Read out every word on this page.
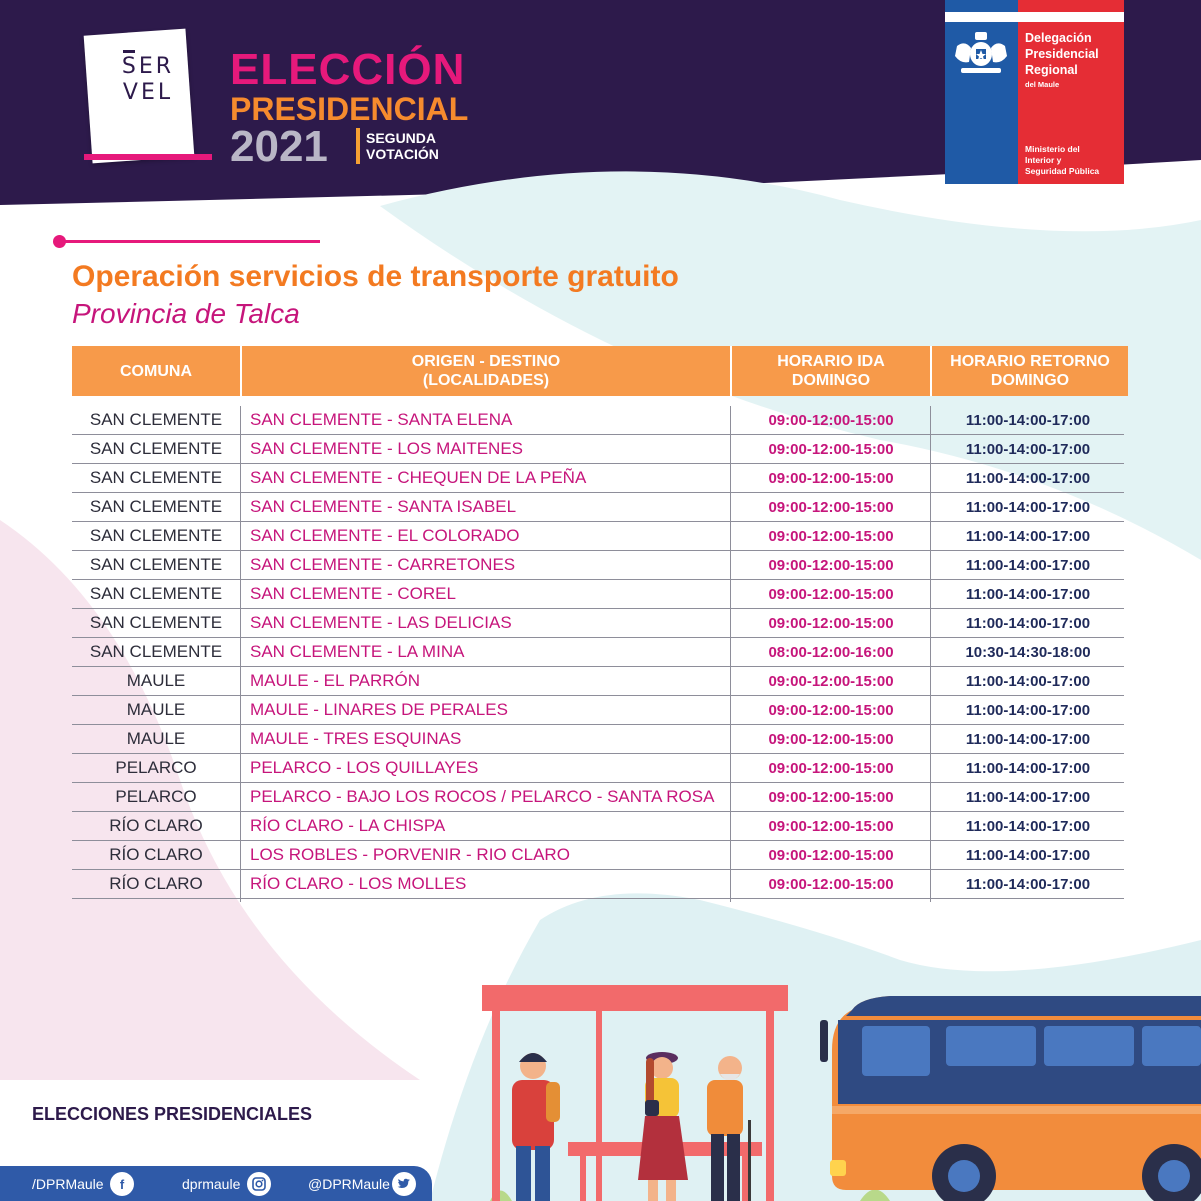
SER VEL ELECCIÓN
PRESIDENCIAL
2021	SEGUNDA
VOTACIÓN
Delegación
Presidencial
Regional
del Maule
Ministerio del
Interior y
Seguridad Pública
Operación servicios de transporte gratuito
Provincia de Talca
COMUNA
ORIGEN - DESTINO
(LOCALIDADES)
HORARIO IDA
DOMINGO
HORARIO RETORNO
DOMINGO
SAN CLEMENTE	SAN CLEMENTE - SANTA ELENA	09:00-12:00-15:00	11:00-14:00-17:00
SAN CLEMENTE	SAN CLEMENTE - LOS MAITENES	09:00-12:00-15:00	11:00-14:00-17:00
SAN CLEMENTE	SAN CLEMENTE - CHEQUEN DE LA PEÑA	09:00-12:00-15:00	11:00-14:00-17:00
SAN CLEMENTE	SAN CLEMENTE - SANTA ISABEL	09:00-12:00-15:00	11:00-14:00-17:00
SAN CLEMENTE	SAN CLEMENTE - EL COLORADO	09:00-12:00-15:00	11:00-14:00-17:00
SAN CLEMENTE	SAN CLEMENTE - CARRETONES	09:00-12:00-15:00	11:00-14:00-17:00
SAN CLEMENTE	SAN CLEMENTE - COREL	09:00-12:00-15:00	11:00-14:00-17:00
SAN CLEMENTE	SAN CLEMENTE - LAS DELICIAS	09:00-12:00-15:00	11:00-14:00-17:00
SAN CLEMENTE	SAN CLEMENTE - LA MINA	08:00-12:00-16:00	10:30-14:30-18:00
MAULE	MAULE - EL PARRÓN	09:00-12:00-15:00	11:00-14:00-17:00
MAULE	MAULE - LINARES DE PERALES	09:00-12:00-15:00	11:00-14:00-17:00
MAULE	MAULE - TRES ESQUINAS	09:00-12:00-15:00	11:00-14:00-17:00
PELARCO	PELARCO - LOS QUILLAYES	09:00-12:00-15:00	11:00-14:00-17:00
PELARCO	PELARCO - BAJO LOS ROCOS / PELARCO - SANTA ROSA	09:00-12:00-15:00	11:00-14:00-17:00
RÍO CLARO	RÍO CLARO - LA CHISPA	09:00-12:00-15:00	11:00-14:00-17:00
RÍO CLARO	LOS ROBLES - PORVENIR - RIO CLARO	09:00-12:00-15:00	11:00-14:00-17:00
RÍO CLARO	RÍO CLARO - LOS MOLLES	09:00-12:00-15:00	11:00-14:00-17:00
ELECCIONES PRESIDENCIALES
/DPRMaule	f	dprmaule	@DPRMaule
